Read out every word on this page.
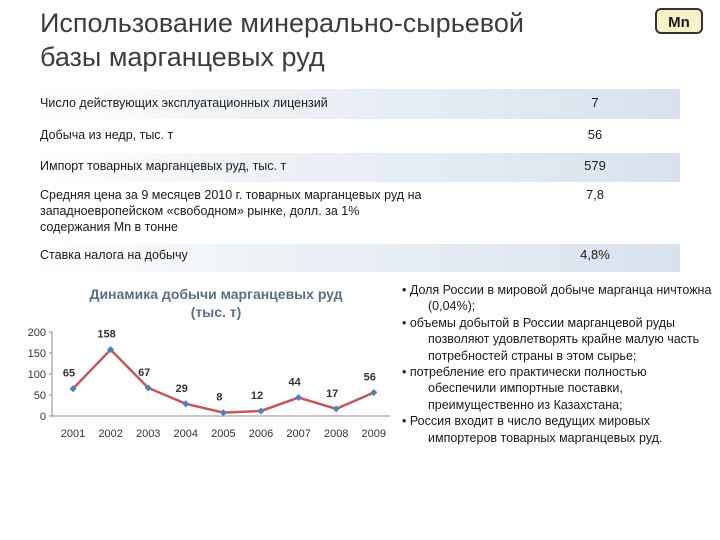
Использование минерально-сырьевой
базы марганцевых руд
Mn
Число действующих эксплуатационных лицензий	7
Добыча из недр, тыс. т	56
Импорт товарных марганцевых руд, тыс. т	579
Средняя цена за 9 месяцев 2010 г. товарных марганцевых руд на
западноевропейском «свободном» рынке, долл. за 1%
содержания Mn в тонне
7,8
Ставка налога на добычу	4,8%
Динамика добычи марганцевых руд
(тыс. т)
0
50
100
150
200
2001 2002 2003 2004 2005 2006 2007 2008 2009
65
158
67
29
8	12
44
17
56

• Доля России в мировой добыче марганца ничтожна (0,04%);

• объемы добытой в России марганцевой руды позволяют удовлетворять крайне малую часть потребностей страны в этом сырье;

• потребление его практически полностью обеспечили импортные поставки, преимущественно из Казахстана;

• Россия входит в число ведущих мировых импортеров товарных марганцевых руд.
